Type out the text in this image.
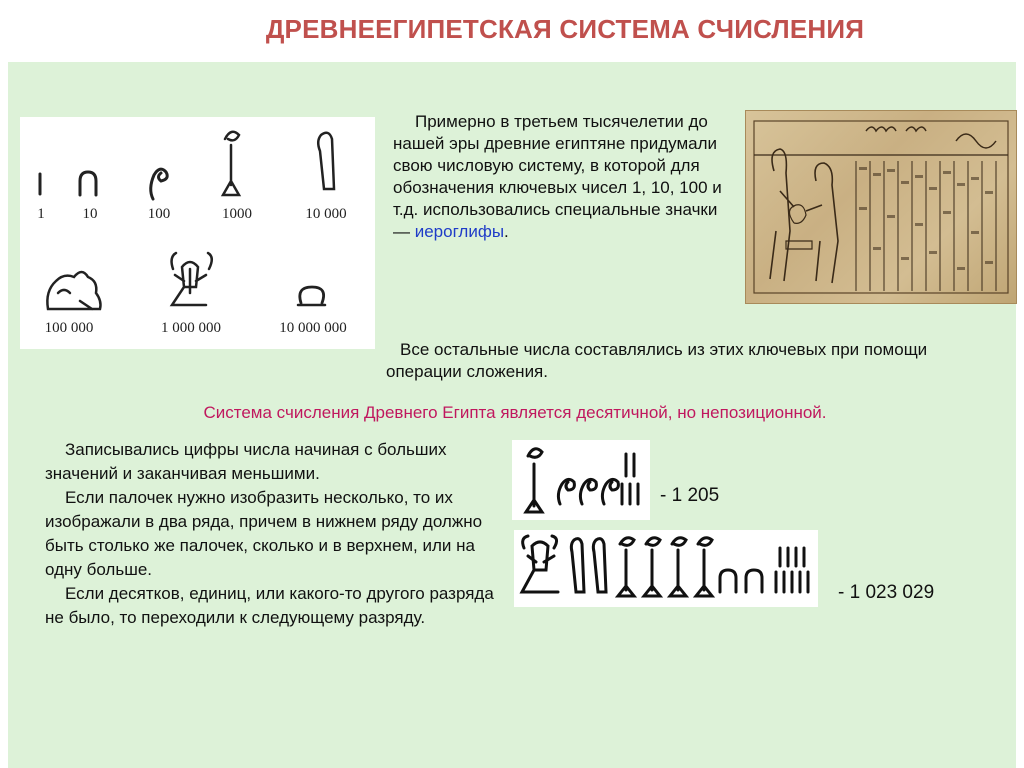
ДРЕВНЕЕГИПЕТСКАЯ СИСТЕМА СЧИСЛЕНИЯ
1	10	100	1000	10 000
100 000	1 000 000	10 000 000
Примерно в третьем тысячелетии до нашей эры древние египтяне придумали свою числовую систему, в которой для обозначения ключевых чисел 1, 10, 100 и т.д. использовались специальные значки — иероглифы.
Все остальные числа составлялись из этих ключевых при помощи операции сложения.
Система счисления Древнего Египта является десятичной, но непозиционной.
Записывались цифры числа начиная с больших значений и заканчивая меньшими.
Если палочек нужно изобразить несколько, то их изображали в два ряда, причем в нижнем ряду должно быть столько же палочек, сколько и в верхнем, или на одну больше.
Если десятков, единиц, или какого-то другого разряда не было, то переходили к следующему разряду.
- 1 205
- 1 023 029
